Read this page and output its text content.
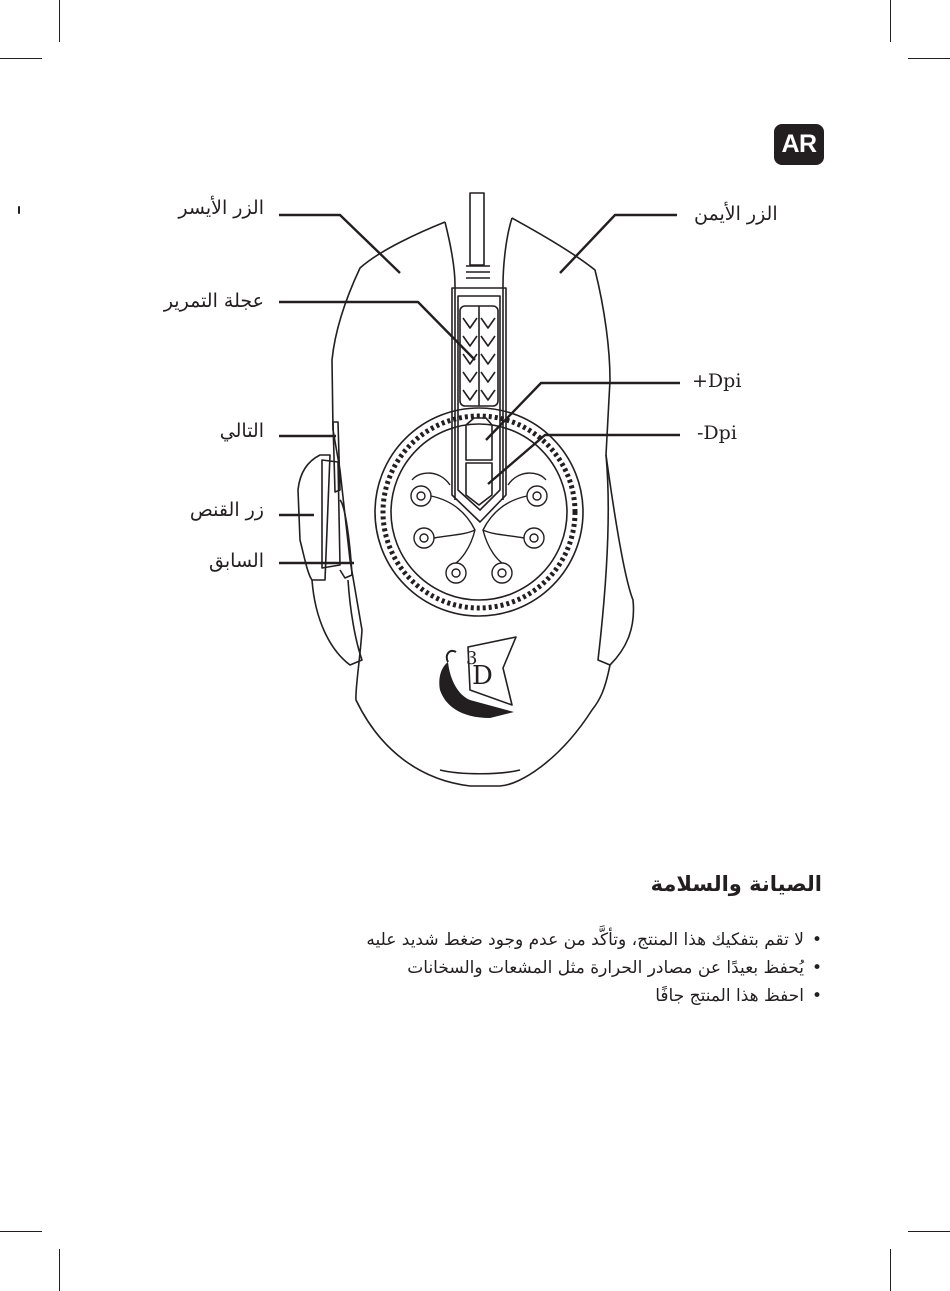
AR
D
3
الزر الأيسر	الزر الأيمن
عجلة التمرير
+Dpi
-Dpi
التالي
زر القنص
السابق
الصيانة والسلامة
•لا تقم بتفكيك هذا المنتج، وتأكَّد من عدم وجود ضغط شديد عليه
•يُحفظ بعيدًا عن مصادر الحرارة مثل المشعات والسخانات
•احفظ هذا المنتج جافًا
